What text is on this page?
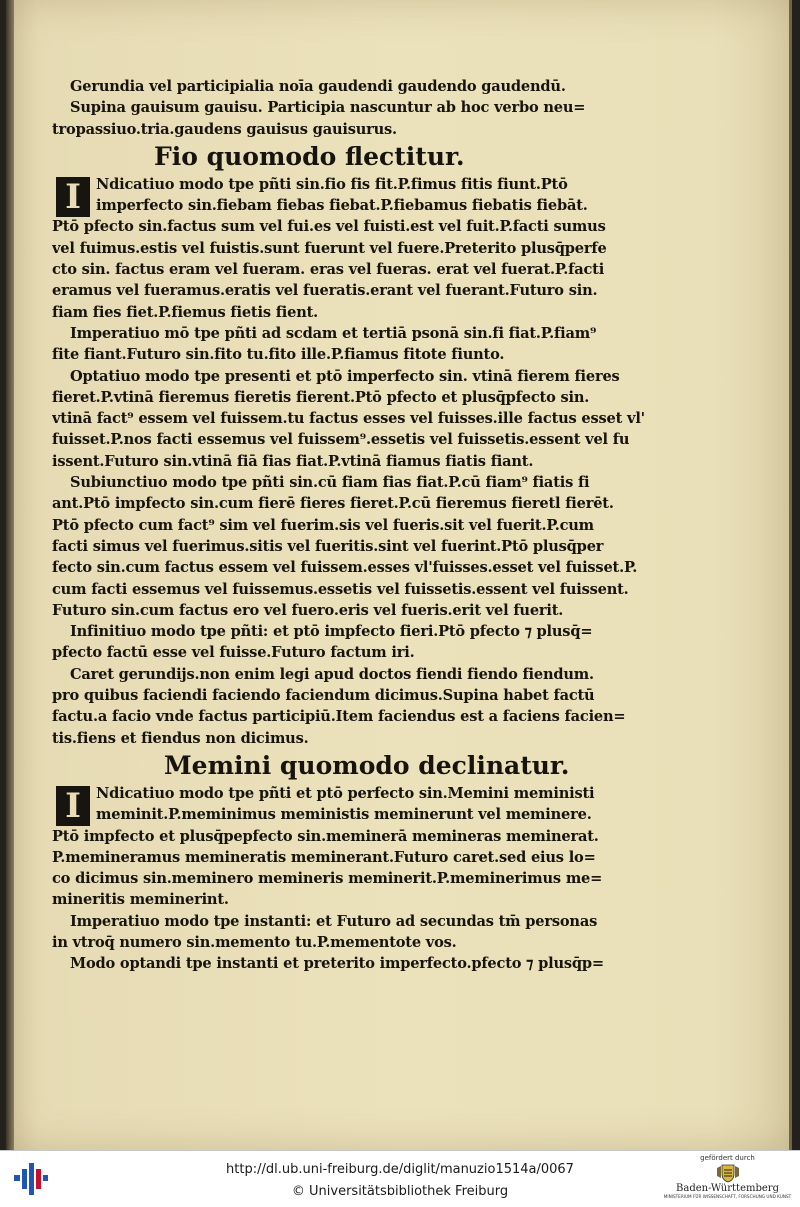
Gerundia vel participialia noīa gaudendi gaudendo gaudendū.
Supina gauisum gauisu. Participia nascuntur ab hoc verbo neu=
tropassiuo.tria.gaudens gauisus gauisurus.
Fio quomodo flectitur.
I	Ndicatiuo modo tpe pñti sin.fio fis fit.P.fimus fitis fiunt.Ptō
imperfecto sin.fiebam fiebas fiebat.P.fiebamus fiebatis fiebāt.
Ptō pfecto sin.factus sum vel fui.es vel fuisti.est vel fuit.P.facti sumus
vel fuimus.estis vel fuistis.sunt fuerunt vel fuere.Preterito plusq̄perfe
cto sin. factus eram vel fueram. eras vel fueras. erat vel fuerat.P.facti
eramus vel fueramus.eratis vel fueratis.erant vel fuerant.Futuro sin.
fiam fies fiet.P.fiemus fietis fient.
Imperatiuo mō tpe pñti ad scdam et tertiā psonā sin.fi fiat.P.fiam⁹
fite fiant.Futuro sin.fito tu.fito ille.P.fiamus fitote fiunto.
Optatiuo modo tpe presenti et ptō imperfecto sin. vtinā fierem fieres
fieret.P.vtinā fieremus fieretis fierent.Ptō pfecto et plusq̄pfecto sin.
vtinā fact⁹ essem vel fuissem.tu factus esses vel fuisses.ille factus esset vl'
fuisset.P.nos facti essemus vel fuissem⁹.essetis vel fuissetis.essent vel fu
issent.Futuro sin.vtinā fiā fias fiat.P.vtinā fiamus fiatis fiant.
Subiunctiuo modo tpe pñti sin.cū fiam fias fiat.P.cū fiam⁹ fiatis fi
ant.Ptō impfecto sin.cum fierē fieres fieret.P.cū fieremus fieretl fierēt.
Ptō pfecto cum fact⁹ sim vel fuerim.sis vel fueris.sit vel fuerit.P.cum
facti simus vel fuerimus.sitis vel fueritis.sint vel fuerint.Ptō plusq̄per
fecto sin.cum factus essem vel fuissem.esses vl'fuisses.esset vel fuisset.P.
cum facti essemus vel fuissemus.essetis vel fuissetis.essent vel fuissent.
Futuro sin.cum factus ero vel fuero.eris vel fueris.erit vel fuerit.
Infinitiuo modo tpe pñti: et ptō impfecto fieri.Ptō pfecto ⁊ plusq̄=
pfecto factū esse vel fuisse.Futuro factum iri.
Caret gerundijs.non enim legi apud doctos fiendi fiendo fiendum.
pro quibus faciendi faciendo faciendum dicimus.Supina habet factū
factu.a facio vnde factus participiū.Item faciendus est a faciens facien=
tis.fiens et fiendus non dicimus.
Memini quomodo declinatur.
I	Ndicatiuo modo tpe pñti et ptō perfecto sin.Memini meministi
meminit.P.meminimus meministis meminerunt vel meminere.
Ptō impfecto et plusq̄pepfecto sin.meminerā memineras meminerat.
P.memineramus memineratis meminerant.Futuro caret.sed eius lo=
co dicimus sin.meminero memineris meminerit.P.meminerimus me=
mineritis meminerint.
Imperatiuo modo tpe instanti: et Futuro ad secundas tm̄ personas
in vtroq̄ numero sin.memento tu.P.mementote vos.
Modo optandi tpe instanti et preterito imperfecto.pfecto ⁊ plusq̄p=
http://dl.ub.uni-freiburg.de/diglit/manuzio1514a/0067
© Universitätsbibliothek Freiburg
gefördert durch
Baden-Württemberg
MINISTERIUM FÜR WISSENSCHAFT, FORSCHUNG UND KUNST
